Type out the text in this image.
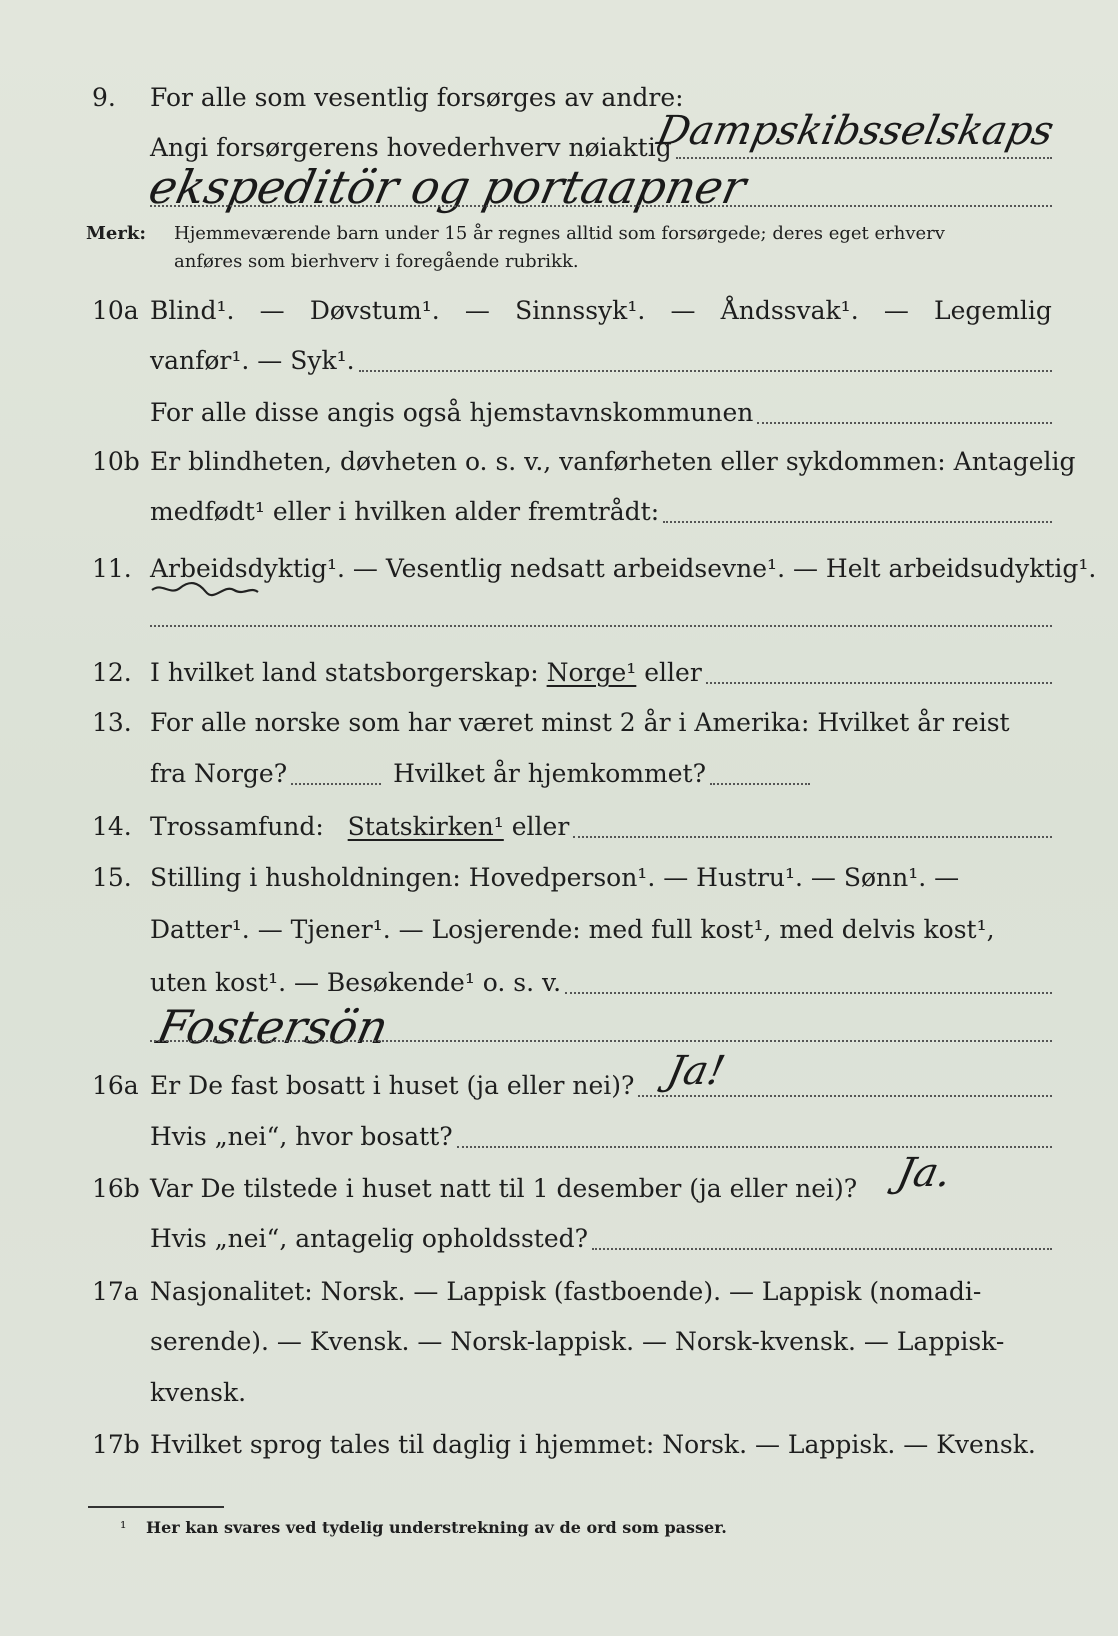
9. For alle som vesentlig forsørges av andre:
Angi forsørgerens hovederhverv nøiaktig
Dampskibsselskaps
ekspeditör og portaapner
Merk: Hjemmeværende barn under 15 år regnes alltid som forsørgede; deres eget erhverv
anføres som bierhverv i foregående rubrikk.
10a Blind¹. — Døvstum¹. — Sinnssyk¹. — Åndssvak¹. — Legemlig
vanfør¹. — Syk¹.
For alle disse angis også hjemstavnskommunen
10b Er blindheten, døvheten o. s. v., vanførheten eller sykdommen: Antagelig
medfødt¹ eller i hvilken alder fremtrådt:
11. Arbeidsdyktig¹. — Vesentlig nedsatt arbeidsevne¹. — Helt arbeidsudyktig¹.
12. I hvilket land statsborgerskap:
Norge¹
eller
13. For alle norske som har været minst 2 år i Amerika: Hvilket år reist
fra Norge?	Hvilket år hjemkommet?
14. Trossamfund:
Statskirken¹
eller
15. Stilling i husholdningen: Hovedperson¹. — Hustru¹. — Sønn¹. —
Datter¹. — Tjener¹. — Losjerende: med full kost¹, med delvis kost¹,
uten kost¹. — Besøkende¹ o. s. v.
Fostersön
16a Er De fast bosatt i huset (ja eller nei)? Ja!
Hvis „nei“, hvor bosatt?
16b Var De tilstede i huset natt til 1 desember (ja eller nei)? Ja.
Hvis „nei“, antagelig opholdssted?
17a Nasjonalitet: Norsk. — Lappisk (fastboende). — Lappisk (nomadi-
serende). — Kvensk. — Norsk-lappisk. — Norsk-kvensk. — Lappisk-
kvensk.
17b Hvilket sprog tales til daglig i hjemmet: Norsk. — Lappisk. — Kvensk.
¹ Her kan svares ved tydelig understrekning av de ord som passer.
